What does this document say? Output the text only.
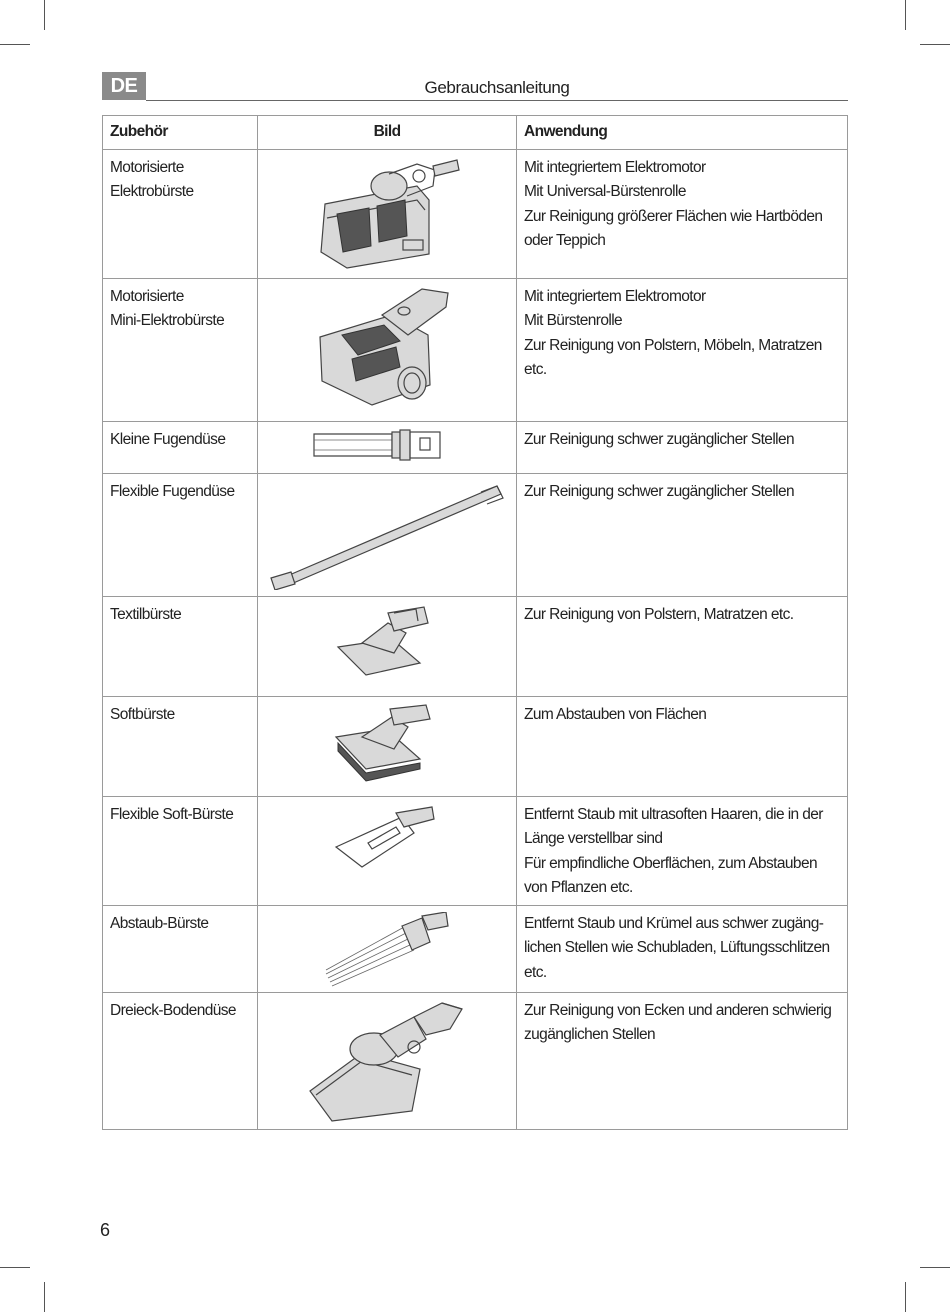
DE	Gebrauchsanleitung
Zubehör	Bild	Anwendung

Motorisierte
Elektrobürste		Mit integriertem Elektromotor
Mit Universal-Bürstenrolle
Zur Reinigung größerer Flächen wie Hartböden
oder Teppich

Motorisierte
Mini-Elektrobürste		Mit integriertem Elektromotor
Mit Bürstenrolle
Zur Reinigung von Polstern, Möbeln, Matratzen
etc.

Kleine Fugendüse		Zur Reinigung schwer zugänglicher Stellen

Flexible Fugendüse		Zur Reinigung schwer zugänglicher Stellen

Textilbürste		Zur Reinigung von Polstern, Matratzen etc.

Softbürste		Zum Abstauben von Flächen

Flexible Soft-Bürste		Entfernt Staub mit ultrasoften Haaren, die in der
Länge verstellbar sind
Für empfindliche Oberflächen, zum Abstauben
von Pflanzen etc.

Abstaub-Bürste		Entfernt Staub und Krümel aus schwer zugäng-
lichen Stellen wie Schubladen, Lüftungsschlitzen
etc.

Dreieck-Bodendüse		Zur Reinigung von Ecken und anderen schwierig
zugänglichen Stellen
6
